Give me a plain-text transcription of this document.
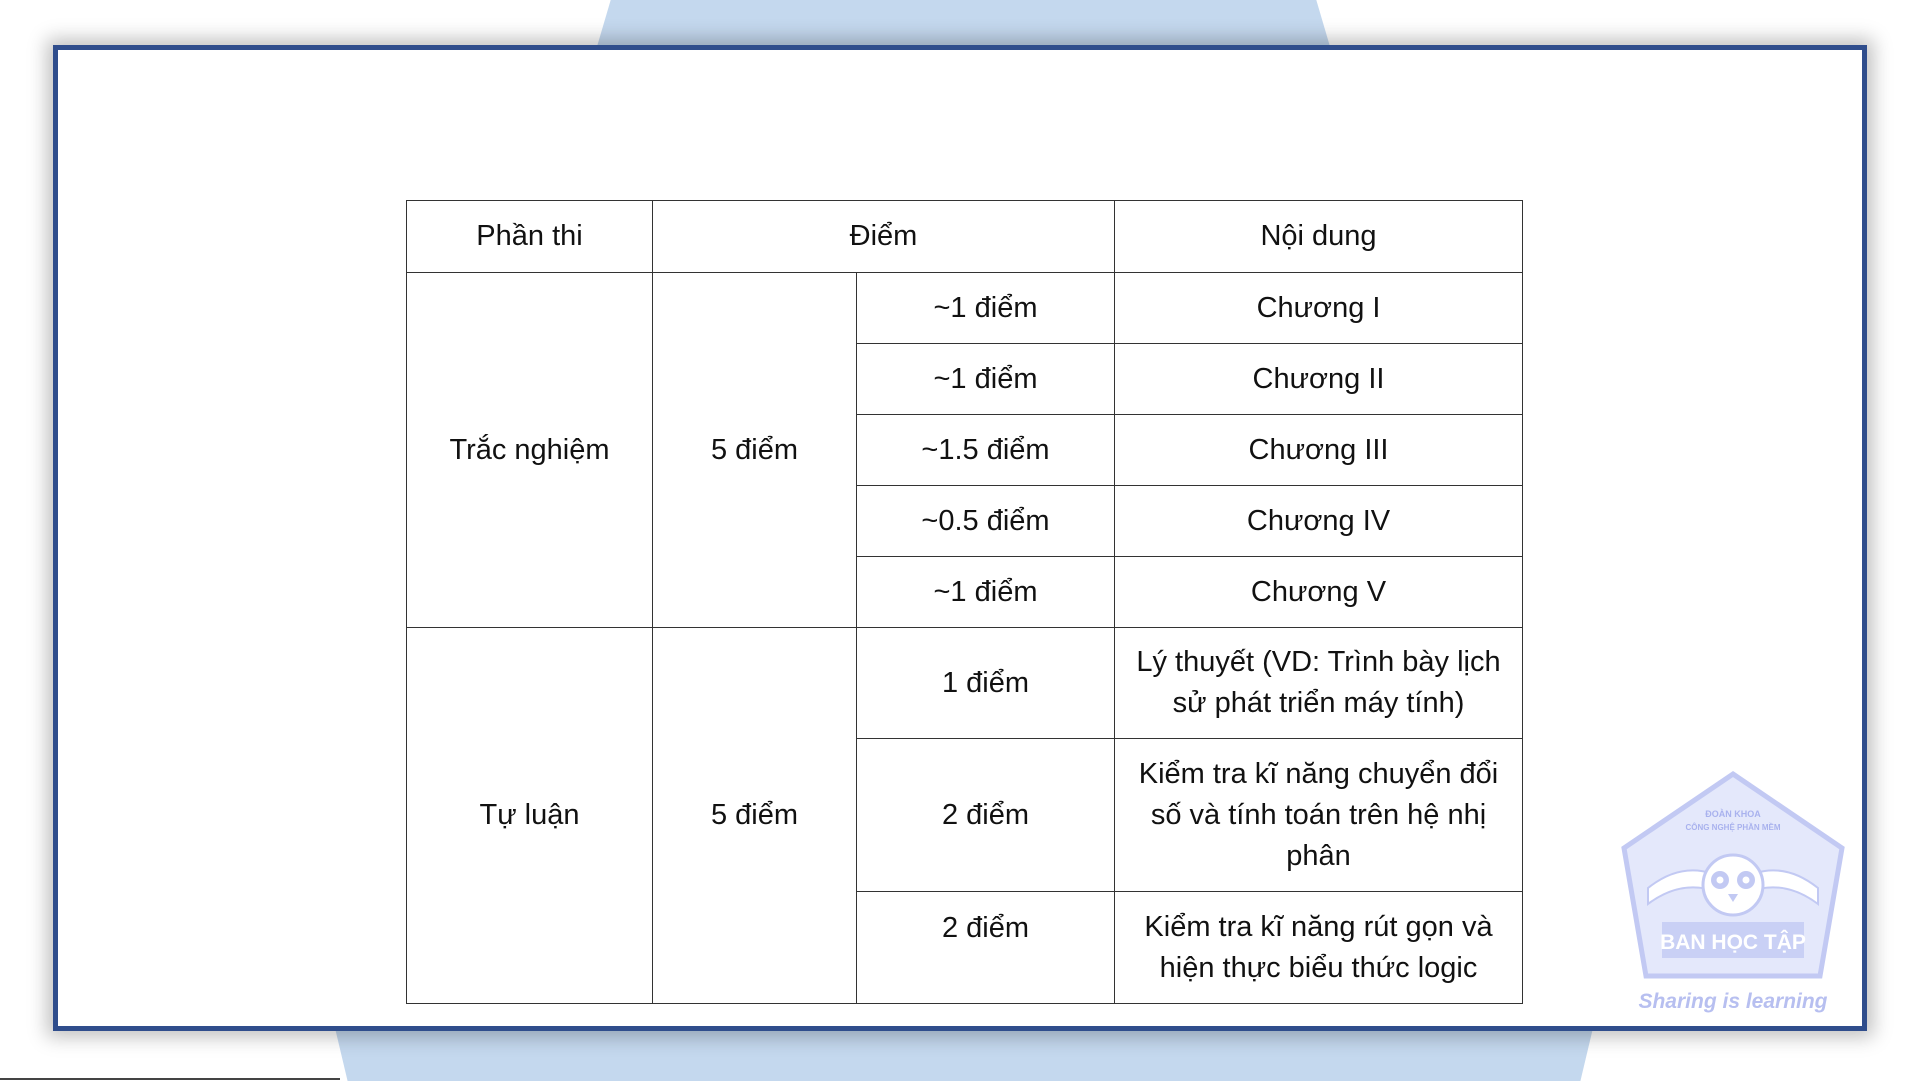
Phần thi	Điểm		Nội dung
Trắc nghiệm	5 điểm	~1 điểm	Chương I
		~1 điểm	Chương II
		~1.5 điểm	Chương III
		~0.5 điểm	Chương IV
		~1 điểm	Chương V
Tự luận	5 điểm	1 điểm	Lý thuyết (VD: Trình bày lịch sử phát triển máy tính)
		2 điểm	Kiểm tra kĩ năng chuyển đổi số và tính toán trên hệ nhị phân
		2 điểm	Kiểm tra kĩ năng rút gọn và hiện thực biểu thức logic
ĐOÀN KHOA
CÔNG NGHỆ PHẦN MỀM
BAN HỌC TẬP
Sharing is learning
